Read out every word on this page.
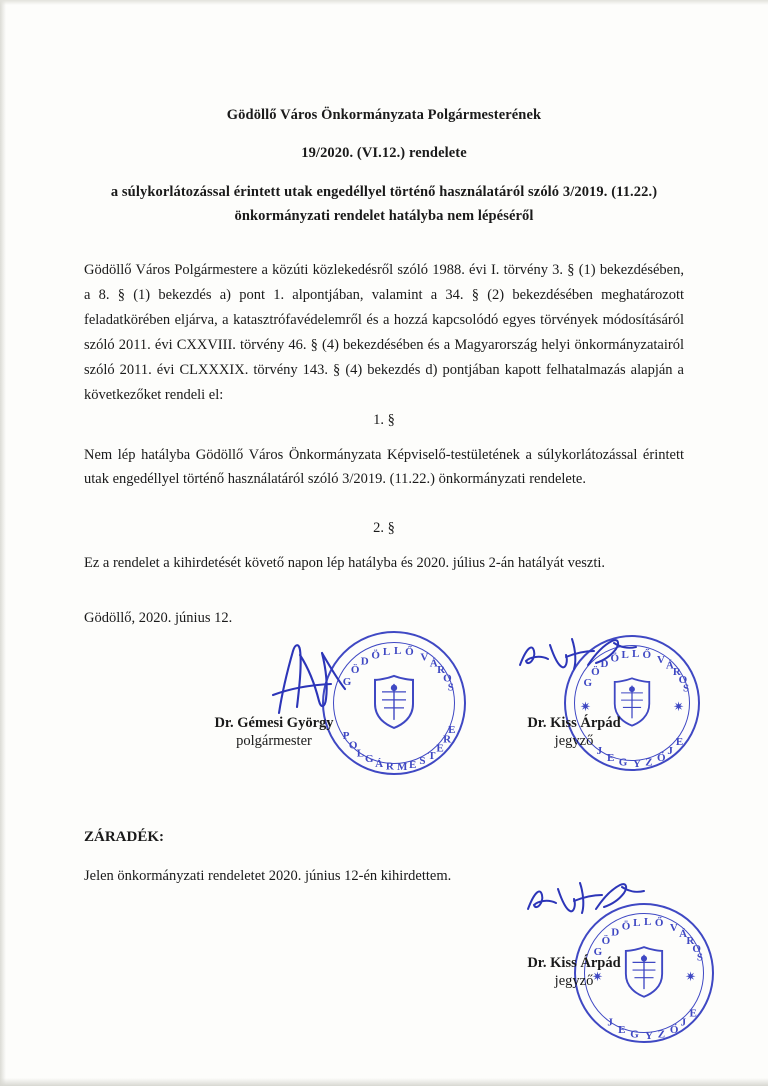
Gödöllő Város Önkormányzata Polgármesterének
19/2020. (VI.12.) rendelete
a súlykorlátozással érintett utak engedéllyel történő használatáról szóló 3/2019. (11.22.)
önkormányzati rendelet hatályba nem lépéséről
Gödöllő Város Polgármestere a közúti közlekedésről szóló 1988. évi I. törvény 3. § (1) bekezdésében, a 8. § (1) bekezdés a) pont 1. alpontjában, valamint a 34. § (2) bekezdésében meghatározott feladatkörében eljárva, a katasztrófavédelemről és a hozzá kapcsolódó egyes törvények módosításáról szóló 2011. évi CXXVIII. törvény 46. § (4) bekezdésében és a Magyarország helyi önkormányzatairól szóló 2011. évi CLXXXIX. törvény 143. § (4) bekezdés d) pontjában kapott felhatalmazás alapján a következőket rendeli el:
1. §
Nem lép hatályba Gödöllő Város Önkormányzata Képviselő-testületének a súlykorlátozással érintett utak engedéllyel történő használatáról szóló 3/2019. (11.22.) önkormányzati rendelete.
2. §
Ez a rendelet a kihirdetését követő napon lép hatályba és 2020. július 2-án hatályát veszti.
Gödöllő, 2020. június 12.
G
Ö
D Ö L L Ő V Á
R
O
S
P
O
L G Á R M E S T
E
R
E
G
Ö
D Ö L L Ő V Á
R
O
S
J
E G Y Z Ő
J
E
✷	✷
Dr. Gémesi György
polgármester
Dr. Kiss Árpád
jegyző
ZÁRADÉK:
Jelen önkormányzati rendeletet 2020. június 12-én kihirdettem.
G
Ö
D Ö L L Ő V Á
R
O
S
J
E G Y Z Ő
J
E
✷	✷
Dr. Kiss Árpád
jegyző
